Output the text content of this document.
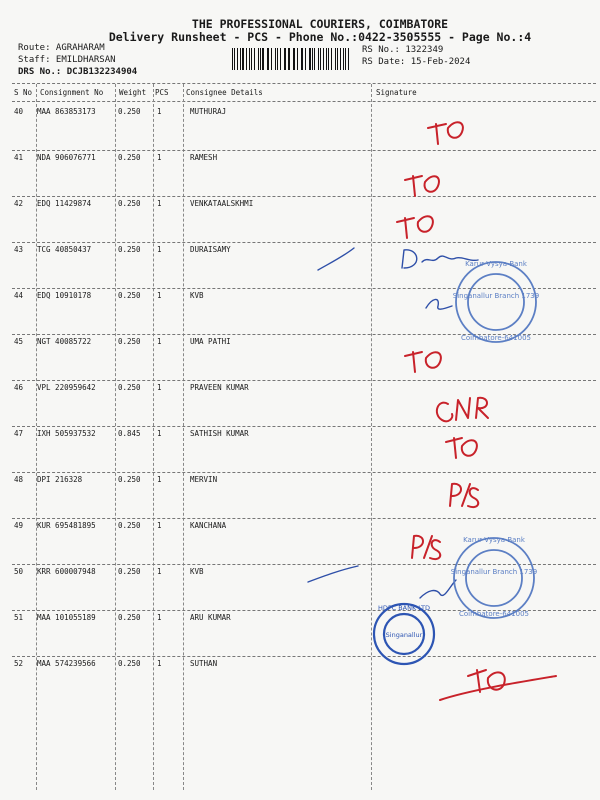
THE PROFESSIONAL COURIERS, COIMBATORE
Delivery Runsheet - PCS - Phone No.:0422-3505555 - Page No.:4
Route: AGRAHARAM
Staff: EMILDHARSAN
DRS No.: DCJB132234904
RS No.: 1322349
RS Date: 15-Feb-2024
S No Consignment No Weight PCS Consignee Details	Signature
40 MAA 863853173	0.250 1	MUTHURAJ
41 NDA 906076771	0.250 1	RAMESH
42 EDQ 11429874	0.250 1	VENKATAALSKHMI
43 TCG 40850437	0.250 1	DURAISAMY
44 EDQ 10910178	0.250 1	KVB
45 NGT 40085722	0.250 1	UMA PATHI
46 VPL 220959642	0.250 1	PRAVEEN KUMAR
47 IXH 505937532	0.845 1	SATHISH KUMAR
48 DPI 216328	0.250 1	MERVIN
49 KUR 695481895	0.250 1	KANCHANA
50 KRR 600007948	0.250 1	KVB
51 MAA 101055189	0.250 1	ARU KUMAR
52 MAA 574239566	0.250 1	SUTHAN
Karur Vysya Bank
Singanallur Branch 1739
Coimbatore-641005
Karur Vysya Bank
Singanallur Branch 1739
Coimbatore-641005
HDFC BANK LTD
Singanallur
